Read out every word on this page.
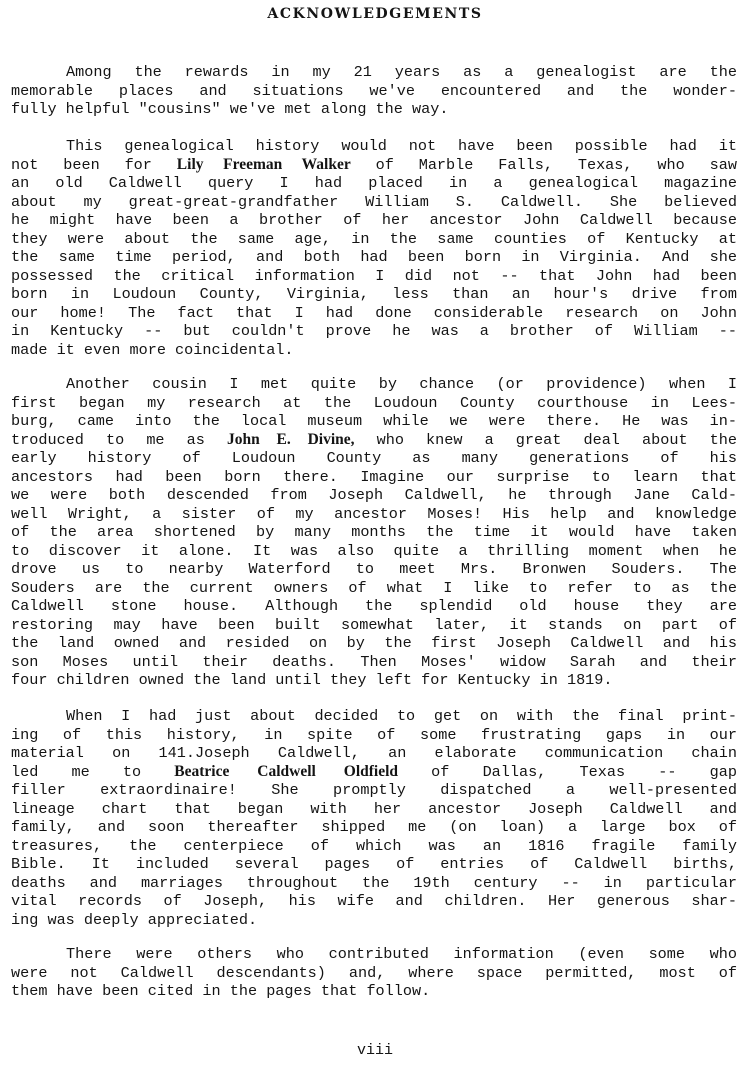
ACKNOWLEDGEMENTS
Among the rewards in my 21 years as a genealogist are the
memorable places and situations we've encountered and the wonder-
fully helpful "cousins" we've met along the way.
This genealogical history would not have been possible had it
not been for Lily Freeman Walker of Marble Falls, Texas, who saw
an old Caldwell query I had placed in a genealogical magazine
about my great-great-grandfather William S. Caldwell. She believed
he might have been a brother of her ancestor John Caldwell because
they were about the same age, in the same counties of Kentucky at
the same time period, and both had been born in Virginia. And she
possessed the critical information I did not -- that John had been
born in Loudoun County, Virginia, less than an hour's drive from
our home! The fact that I had done considerable research on John
in Kentucky -- but couldn't prove he was a brother of William --
made it even more coincidental.
Another cousin I met quite by chance (or providence) when I
first began my research at the Loudoun County courthouse in Lees-
burg, came into the local museum while we were there. He was in-
troduced to me as John E. Divine, who knew a great deal about the
early history of Loudoun County as many generations of his
ancestors had been born there. Imagine our surprise to learn that
we were both descended from Joseph Caldwell, he through Jane Cald-
well Wright, a sister of my ancestor Moses! His help and knowledge
of the area shortened by many months the time it would have taken
to discover it alone. It was also quite a thrilling moment when he
drove us to nearby Waterford to meet Mrs. Bronwen Souders. The
Souders are the current owners of what I like to refer to as the
Caldwell stone house. Although the splendid old house they are
restoring may have been built somewhat later, it stands on part of
the land owned and resided on by the first Joseph Caldwell and his
son Moses until their deaths. Then Moses' widow Sarah and their
four children owned the land until they left for Kentucky in 1819.
When I had just about decided to get on with the final print-
ing of this history, in spite of some frustrating gaps in our
material on 141.Joseph Caldwell, an elaborate communication chain
led me to Beatrice Caldwell Oldfield of Dallas, Texas -- gap
filler extraordinaire! She promptly dispatched a well-presented
lineage chart that began with her ancestor Joseph Caldwell and
family, and soon thereafter shipped me (on loan) a large box of
treasures, the centerpiece of which was an 1816 fragile family
Bible. It included several pages of entries of Caldwell births,
deaths and marriages throughout the 19th century -- in particular
vital records of Joseph, his wife and children. Her generous shar-
ing was deeply appreciated.
There were others who contributed information (even some who
were not Caldwell descendants) and, where space permitted, most of
them have been cited in the pages that follow.

viii
